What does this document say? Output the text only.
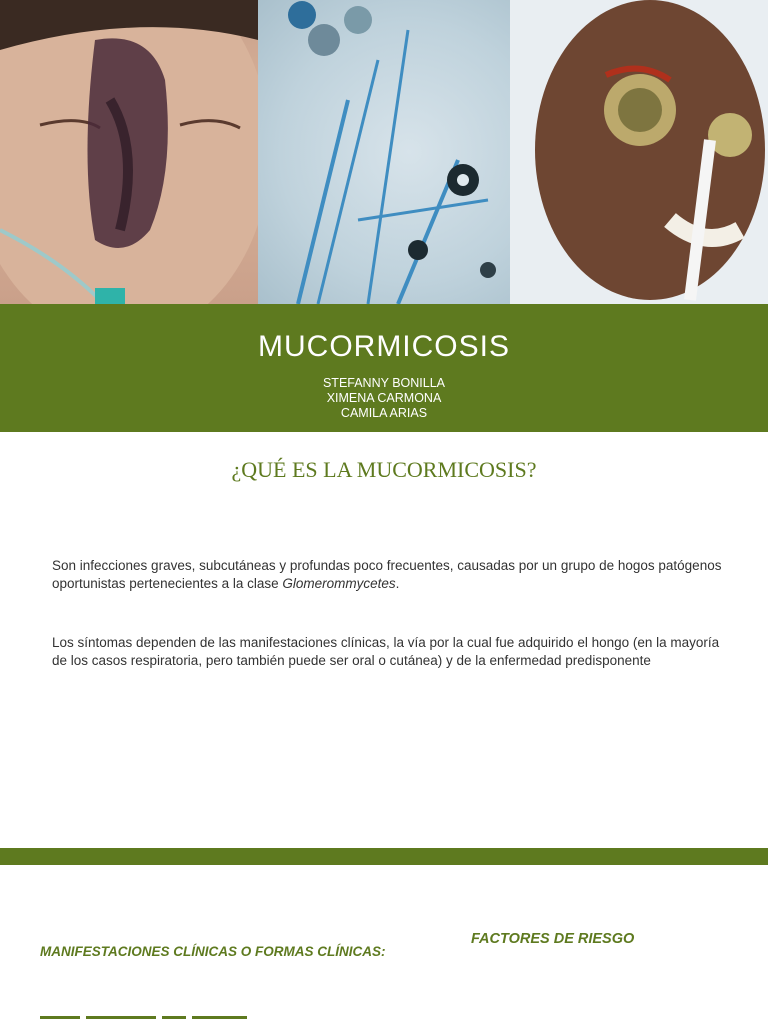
MUCORMICOSIS
STEFANNY BONILLA
XIMENA CARMONA
CAMILA ARIAS
¿QUÉ ES LA MUCORMICOSIS?
Son infecciones graves, subcutáneas y profundas poco frecuentes, causadas por un grupo de hogos patógenos oportunistas pertenecientes a la clase Glomerommycetes.
Los síntomas dependen de las manifestaciones clínicas, la vía por la cual fue adquirido el hongo (en la mayoría de los casos respiratoria, pero también puede ser oral o cutánea) y de la enfermedad predisponente
MANIFESTACIONES CLÍNICAS O FORMAS CLÍNICAS:
FACTORES DE RIESGO
